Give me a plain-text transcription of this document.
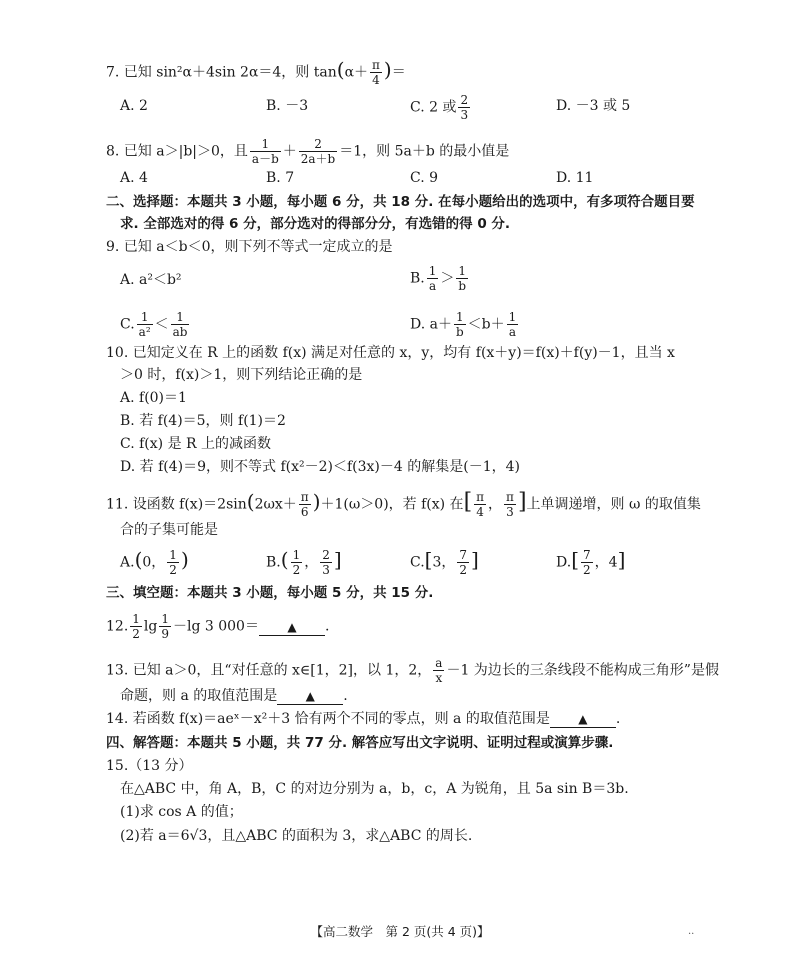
7. 已知 sin²α＋4sin 2α＝4，则 $\tan(\alpha+ \frac{\pi}{4}$ )＝
A. 2	B. －3	C. 2 或 $\frac{2}{3}$	D. －3 或 5
8. 已知 a＞|b|＞0，且 $\frac{1}{a-b} + \frac{2}{2a+b} =1$，则 5a＋b 的最小值是
A. 4	B. 7	C. 9	D. 11
二、选择题：本题共 3 小题，每小题 6 分，共 18 分. 在每小题给出的选项中，有多项符合题目要
求. 全部选对的得 6 分，部分选对的得部分分，有选错的得 0 分.
9. 已知 a＜b＜0，则下列不等式一定成立的是
A. a²＜b²	B. $\frac{1}{a} > \frac{1}{b}$
C. $\frac{1}{\text{a²}} < \frac{1}{ab}$	D. $a+ \frac{1}{b} <b+ \frac{1}{a}$
10. 已知定义在 R 上的函数 f(x) 满足对任意的 x，y，均有 f(x＋y)＝f(x)＋f(y)－1，且当 x
＞0 时，f(x)＞1，则下列结论正确的是
A. f(0)＝1
B. 若 f(4)＝5，则 f(1)＝2
C. f(x) 是 R 上的减函数
D. 若 f(4)＝9，则不等式 f(x²－2)＜f(3x)－4 的解集是(－1，4)
11. 设函数 $f(x)=2\sin(2\omega x+ \frac{\pi}{6} )+1(\omega>0)$，若 f(x) 在[ $\frac{\pi}{4}$ ， $\frac{\pi}{3}$ ]上单调递增，则 ω 的取值集
合的子集可能是
A.(0， $\frac{1}{2}$ )	$B.( \frac{1}{2}$ ， $\frac{2}{3}$ ]	C.[3， $\frac{7}{2}$ ]	$D.[ \frac{7}{2}$ ，4]
三、填空题：本题共 3 小题，每小题 5 分，共 15 分.
12. $\frac{1}{2}$ $\lg \frac{1}{9} -\lg$ 3 000＝ ▲ .
13. 已知 a＞0，且“对任意的 x∈[1，2]，以 1，2， $\frac{a}{x} -1$ 为边长的三条线段不能构成三角形”是假
命题，则 a 的取值范围是 ▲ .
14. 若函数 f(x)＝aeˣ－x²＋3 恰有两个不同的零点，则 a 的取值范围是 ▲ .
四、解答题：本题共 5 小题，共 77 分. 解答应写出文字说明、证明过程或演算步骤.
15.（13 分）
在△ABC 中，角 A，B，C 的对边分别为 a，b，c，A 为锐角，且 5a sin B＝3b.
(1)求 cos A 的值；
(2)若 a＝6√3，且△ABC 的面积为 3，求△ABC 的周长.
【高二数学　第 2 页(共 4 页)】	..
